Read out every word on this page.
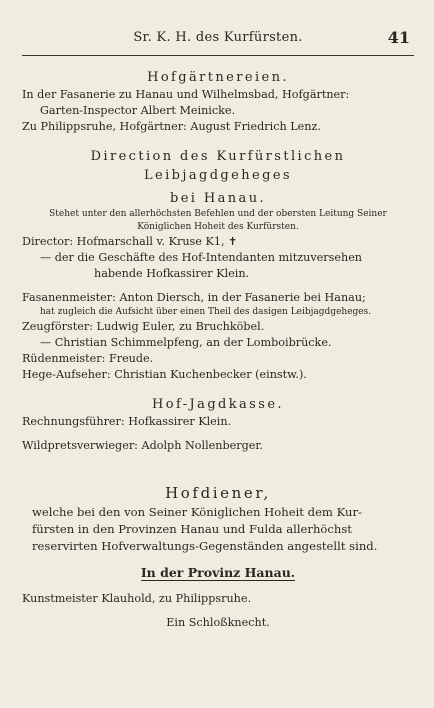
Sr. K. H. des Kurfürsten.	41
Hofgärtnereien.
In der Fasanerie zu Hanau und Wilhelmsbad, Hofgärtner:
Garten-Inspector Albert Meinicke.
Zu Philippsruhe, Hofgärtner: August Friedrich Lenz.
Direction des Kurfürstlichen Leibjagdgeheges
bei Hanau.
Stehet unter den allerhöchsten Befehlen und der obersten Leitung Seiner
Königlichen Hoheit des Kurfürsten.
Director: Hofmarschall v. Kruse K1, ✝
— der die Geschäfte des Hof-Intendanten mitzuversehen
habende Hofkassirer Klein.
Fasanenmeister: Anton Diersch, in der Fasanerie bei Hanau;
hat zugleich die Aufsicht über einen Theil des dasigen Leibjagdgeheges.
Zeugförster: Ludwig Euler, zu Bruchköbel.
— Christian Schimmelpfeng, an der Lomboibrücke.
Rüdenmeister: Freude.
Hege-Aufseher: Christian Kuchenbecker (einstw.).
Hof-Jagdkasse.
Rechnungsführer: Hofkassirer Klein.
Wildpretsverwieger: Adolph Nollenberger.
Hofdiener,
welche bei den von Seiner Königlichen Hoheit dem Kur-
fürsten in den Provinzen Hanau und Fulda allerhöchst
reservirten Hofverwaltungs-Gegenständen angestellt sind.
In der Provinz Hanau.
Kunstmeister Klauhold, zu Philippsruhe.
Ein Schloßknecht.
